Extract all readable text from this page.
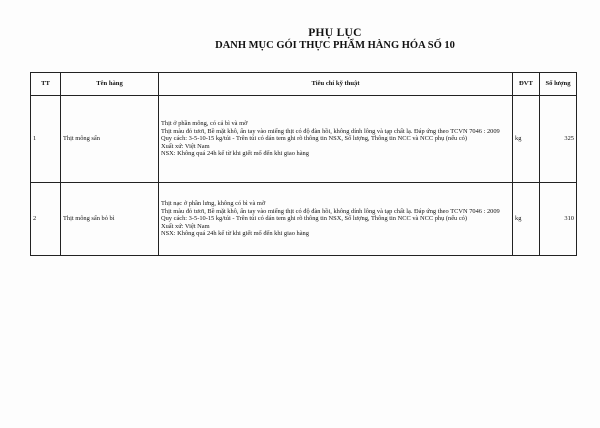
PHỤ LỤC
DANH MỤC GÓI THỰC PHẨM HÀNG HÓA SỐ 10
TT	Tên hàng	Tiêu chí kỹ thuật	ĐVT	Số lượng
1	Thịt mông sấn	Thịt ở phần mông, có cả bì và mỡ
Thịt màu đỏ tươi, Bề mặt khô, ấn tay vào miếng thịt có độ đàn hồi, không dính lông và tạp chất lạ. Đáp ứng theo TCVN 7046 : 2009
Quy cách: 3-5-10-15 kg/túi - Trên túi có dán tem ghi rõ thông tin NSX, Số lượng, Thông tin NCC và NCC phụ (nếu có)
Xuất xứ: Việt Nam
NSX: Không quá 24h kể từ khi giết mổ đến khi giao hàng	kg	325
2	Thịt mông sấn bỏ bì	Thịt nạc ở phần lưng, không có bì và mỡ
Thịt màu đỏ tươi, Bề mặt khô, ấn tay vào miếng thịt có độ đàn hồi, không dính lông và tạp chất lạ. Đáp ứng theo TCVN 7046 : 2009
Quy cách: 3-5-10-15 kg/túi - Trên túi có dán tem ghi rõ thông tin NSX, Số lượng, Thông tin NCC và NCC phụ (nếu có)
Xuất xứ: Việt Nam
NSX: Không quá 24h kể từ khi giết mổ đến khi giao hàng	kg	310
